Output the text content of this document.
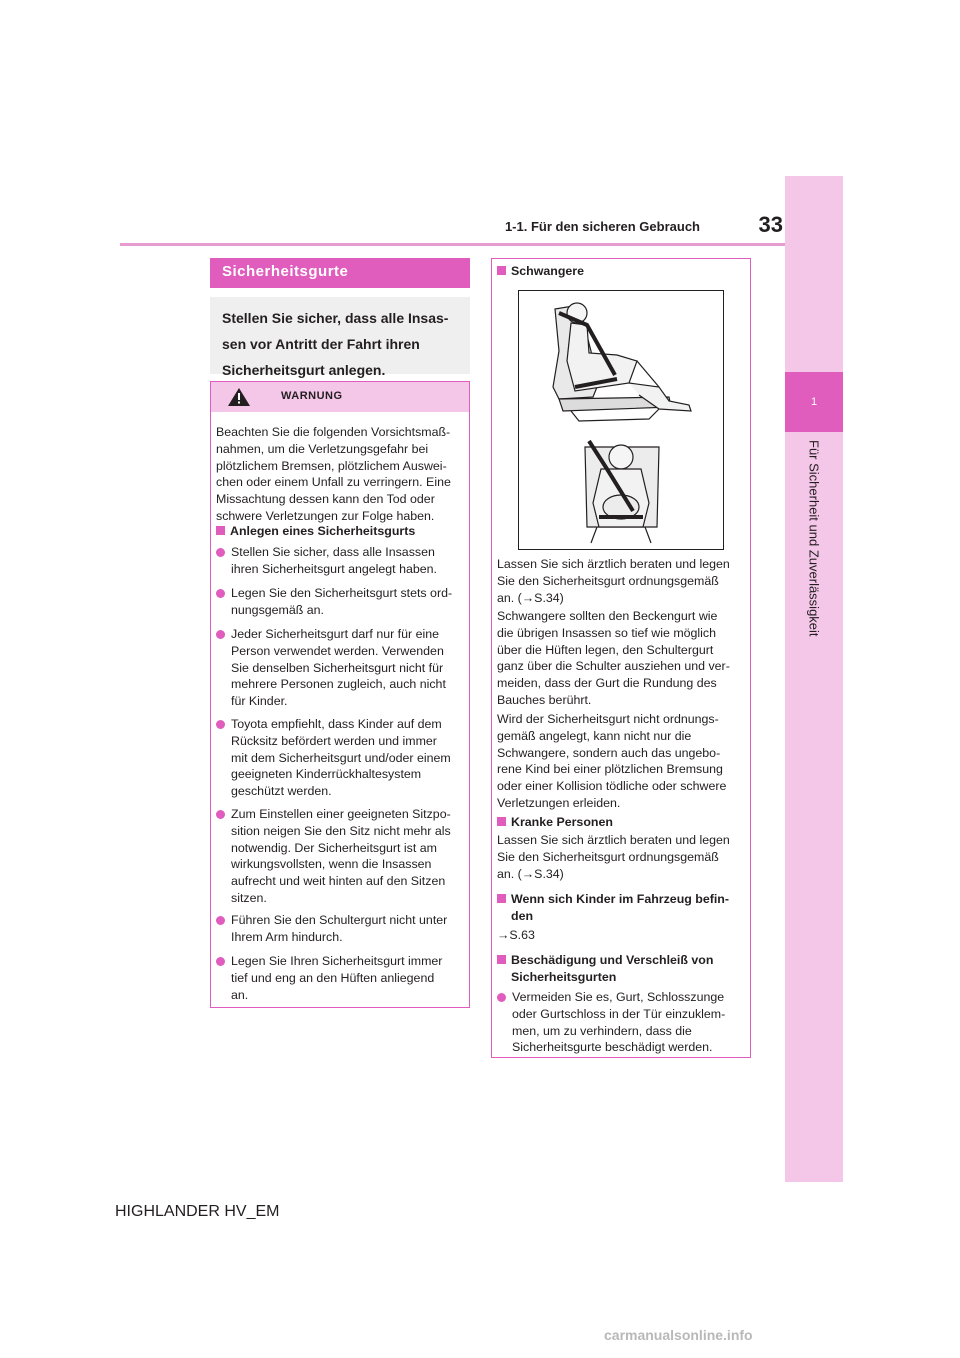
33
1-1. Für den sicheren Gebrauch
1
Für Sicherheit und Zuverlässigkeit
Sicherheitsgurte
Stellen Sie sicher, dass alle Insas-
sen vor Antritt der Fahrt ihren
Sicherheitsgurt anlegen.
WARNUNG
Beachten Sie die folgenden Vorsichtsmaß-
nahmen, um die Verletzungsgefahr bei
plötzlichem Bremsen, plötzlichem Auswei-
chen oder einem Unfall zu verringern. Eine
Missachtung dessen kann den Tod oder
schwere Verletzungen zur Folge haben.
Anlegen eines Sicherheitsgurts
Stellen Sie sicher, dass alle Insassen
ihren Sicherheitsgurt angelegt haben.
Legen Sie den Sicherheitsgurt stets ord-
nungsgemäß an.
Jeder Sicherheitsgurt darf nur für eine
Person verwendet werden. Verwenden
Sie denselben Sicherheitsgurt nicht für
mehrere Personen zugleich, auch nicht
für Kinder.
Toyota empfiehlt, dass Kinder auf dem
Rücksitz befördert werden und immer
mit dem Sicherheitsgurt und/oder einem
geeigneten Kinderrückhaltesystem
geschützt werden.
Zum Einstellen einer geeigneten Sitzpo-
sition neigen Sie den Sitz nicht mehr als
notwendig. Der Sicherheitsgurt ist am
wirkungsvollsten, wenn die Insassen
aufrecht und weit hinten auf den Sitzen
sitzen.
Führen Sie den Schultergurt nicht unter
Ihrem Arm hindurch.
Legen Sie Ihren Sicherheitsgurt immer
tief und eng an den Hüften anliegend
an.
Schwangere
Lassen Sie sich ärztlich beraten und legen
Sie den Sicherheitsgurt ordnungsgemäß
an. (→S.34)
Schwangere sollten den Beckengurt wie
die übrigen Insassen so tief wie möglich
über die Hüften legen, den Schultergurt
ganz über die Schulter ausziehen und ver-
meiden, dass der Gurt die Rundung des
Bauches berührt.
Wird der Sicherheitsgurt nicht ordnungs-
gemäß angelegt, kann nicht nur die
Schwangere, sondern auch das ungebo-
rene Kind bei einer plötzlichen Bremsung
oder einer Kollision tödliche oder schwere
Verletzungen erleiden.
Kranke Personen
Lassen Sie sich ärztlich beraten und legen
Sie den Sicherheitsgurt ordnungsgemäß
an. (→S.34)
Wenn sich Kinder im Fahrzeug befin-
den
→S.63
Beschädigung und Verschleiß von
Sicherheitsgurten
Vermeiden Sie es, Gurt, Schlosszunge
oder Gurtschloss in der Tür einzuklem-
men, um zu verhindern, dass die
Sicherheitsgurte beschädigt werden.
HIGHLANDER HV_EM
carmanualsonline.info
